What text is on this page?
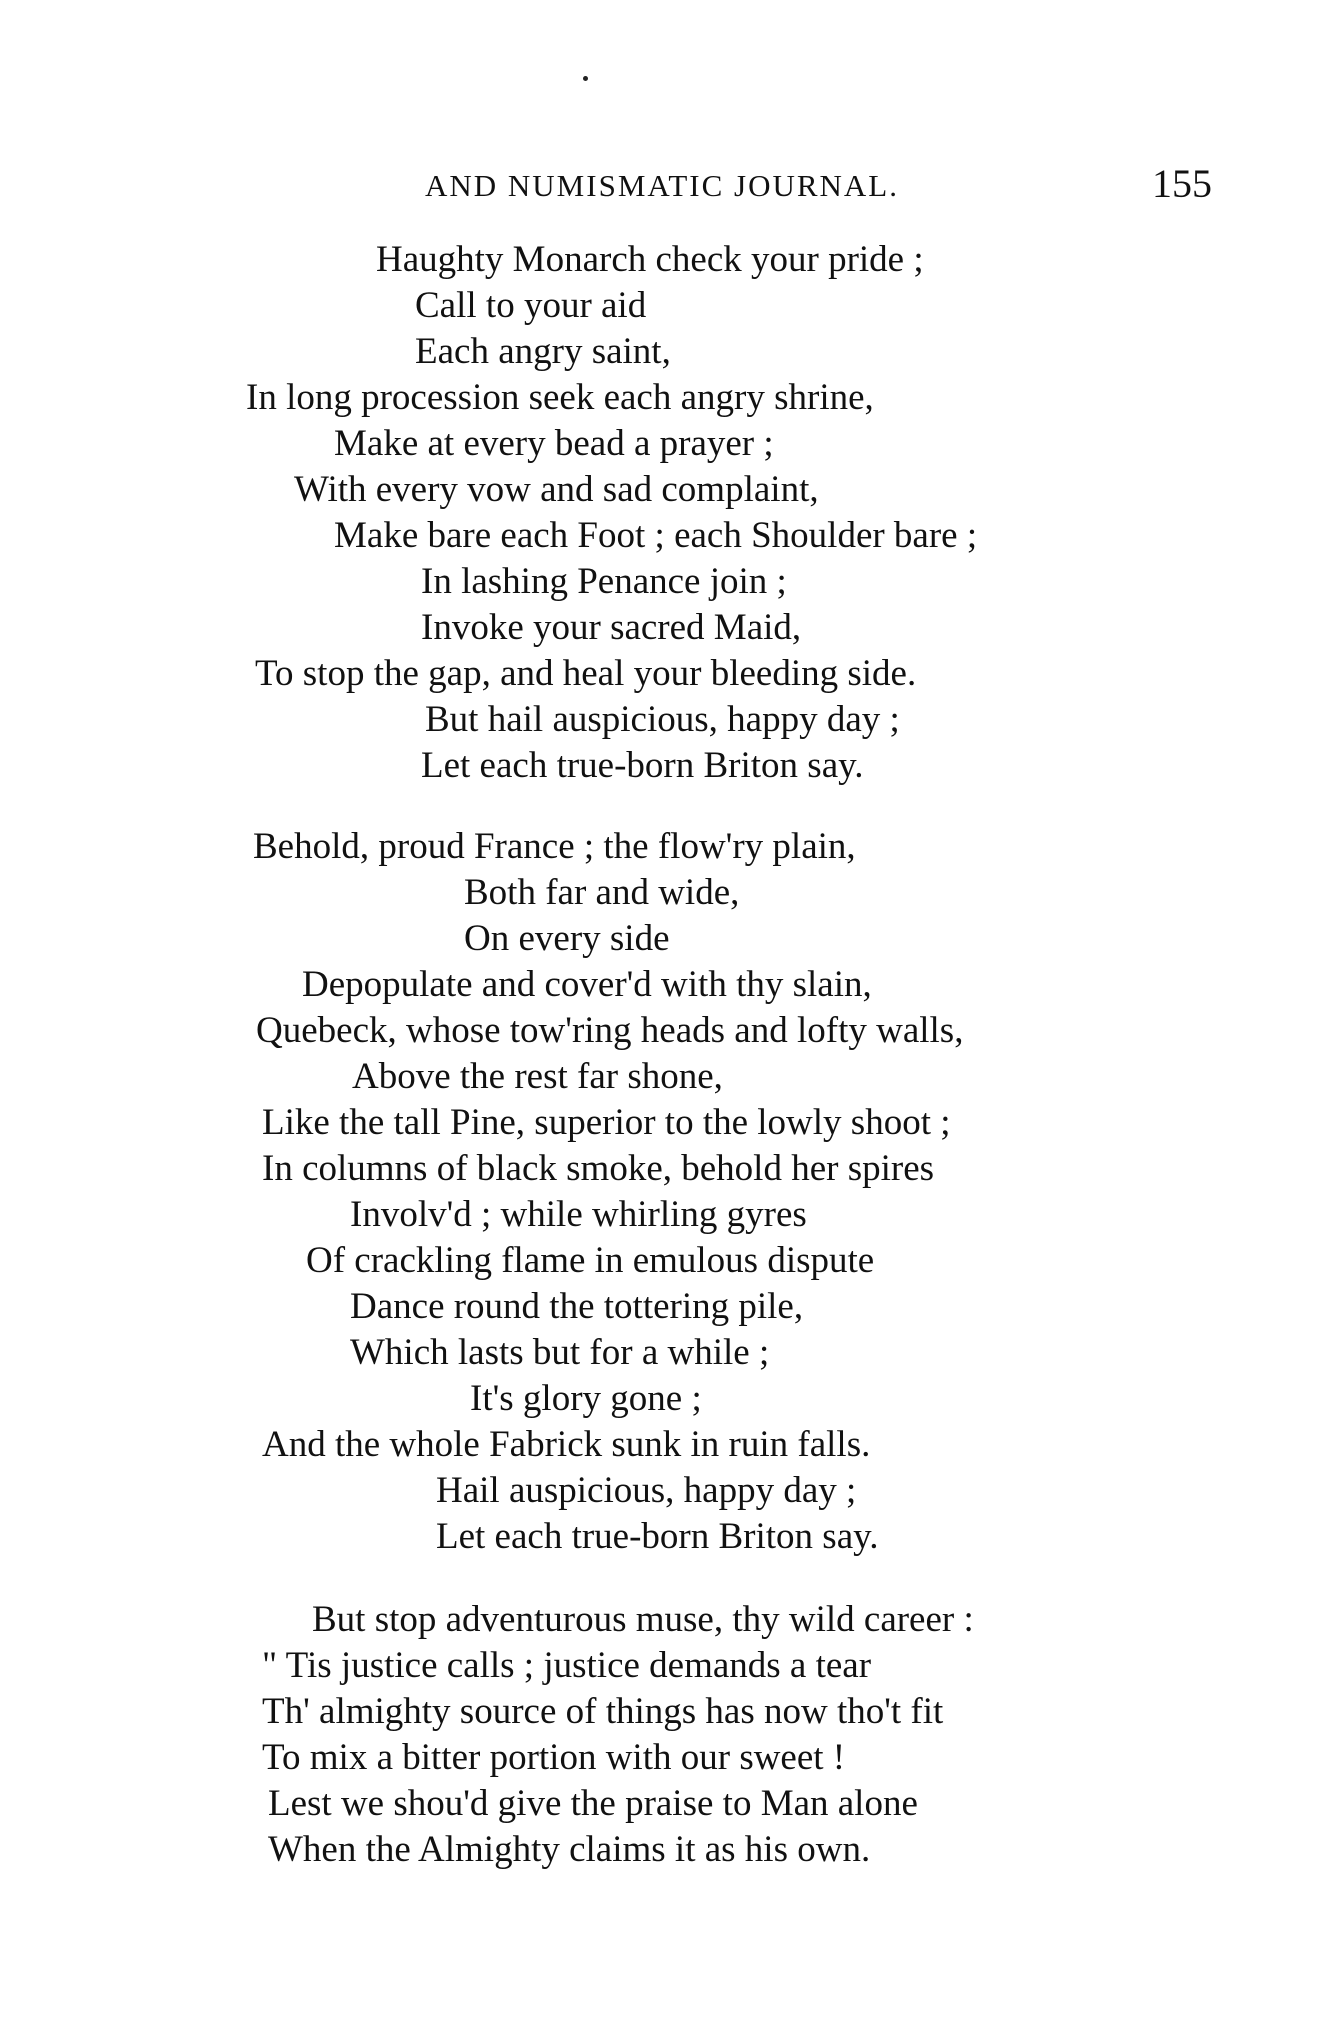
AND NUMISMATIC JOURNAL.	155
Haughty Monarch check your pride ;
Call to your aid
Each angry saint,
In long procession seek each angry shrine,
Make at every bead a prayer ;
With every vow and sad complaint,
Make bare each Foot ; each Shoulder bare ;
In lashing Penance join ;
Invoke your sacred Maid,
To stop the gap, and heal your bleeding side.
But hail auspicious, happy day ;
Let each true-born Briton say.
Behold, proud France ; the flow'ry plain,
Both far and wide,
On every side
Depopulate and cover'd with thy slain,
Quebeck, whose tow'ring heads and lofty walls,
Above the rest far shone,
Like the tall Pine, superior to the lowly shoot ;
In columns of black smoke, behold her spires
Involv'd ; while whirling gyres
Of crackling flame in emulous dispute
Dance round the tottering pile,
Which lasts but for a while ;
It's glory gone ;
And the whole Fabrick sunk in ruin falls.
Hail auspicious, happy day ;
Let each true-born Briton say.
But stop adventurous muse, thy wild career :
" Tis justice calls ; justice demands a tear
Th' almighty source of things has now tho't fit
To mix a bitter portion with our sweet !
Lest we shou'd give the praise to Man alone
When the Almighty claims it as his own.
